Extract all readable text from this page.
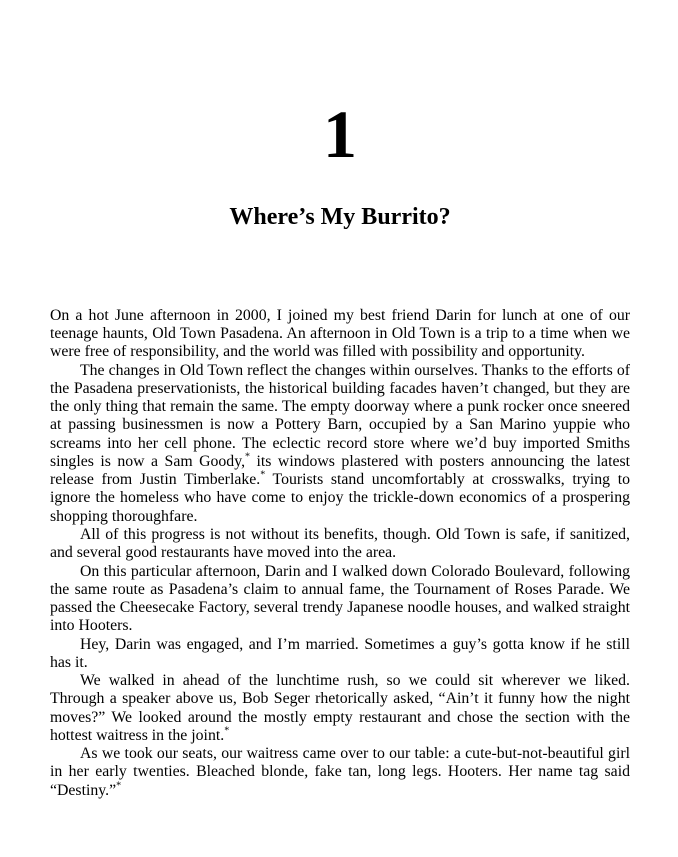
1
Where’s My Burrito?

On a hot June afternoon in 2000, I joined my best friend Darin for lunch at one of our teenage haunts, Old Town Pasadena. An afternoon in Old Town is a trip to a time when we were free of responsibility, and the world was filled with possibility and opportunity.

The changes in Old Town reflect the changes within ourselves. Thanks to the efforts of the Pasadena preservationists, the historical building facades haven’t changed, but they are the only thing that remain the same. The empty doorway where a punk rocker once sneered at passing businessmen is now a Pottery Barn, occupied by a San Marino yuppie who screams into her cell phone. The eclectic record store where we’d buy imported Smiths singles is now a Sam Goody,* its windows plastered with posters announcing the latest release from Justin Timberlake.* Tourists stand uncomfortably at crosswalks, trying to ignore the homeless who have come to enjoy the trickle-down economics of a prospering shopping thoroughfare.

All of this progress is not without its benefits, though. Old Town is safe, if sanitized, and several good restaurants have moved into the area.

On this particular afternoon, Darin and I walked down Colorado Boulevard, following the same route as Pasadena’s claim to annual fame, the Tournament of Roses Parade. We passed the Cheesecake Factory, several trendy Japanese noodle houses, and walked straight into Hooters.

Hey, Darin was engaged, and I’m married. Sometimes a guy’s gotta know if he still has it.

We walked in ahead of the lunchtime rush, so we could sit wherever we liked. Through a speaker above us, Bob Seger rhetorically asked, “Ain’t it funny how the night moves?” We looked around the mostly empty restaurant and chose the section with the hottest waitress in the joint.*

As we took our seats, our waitress came over to our table: a cute-but-not-beautiful girl in her early twenties. Bleached blonde, fake tan, long legs. Hooters. Her name tag said “Destiny.”*
